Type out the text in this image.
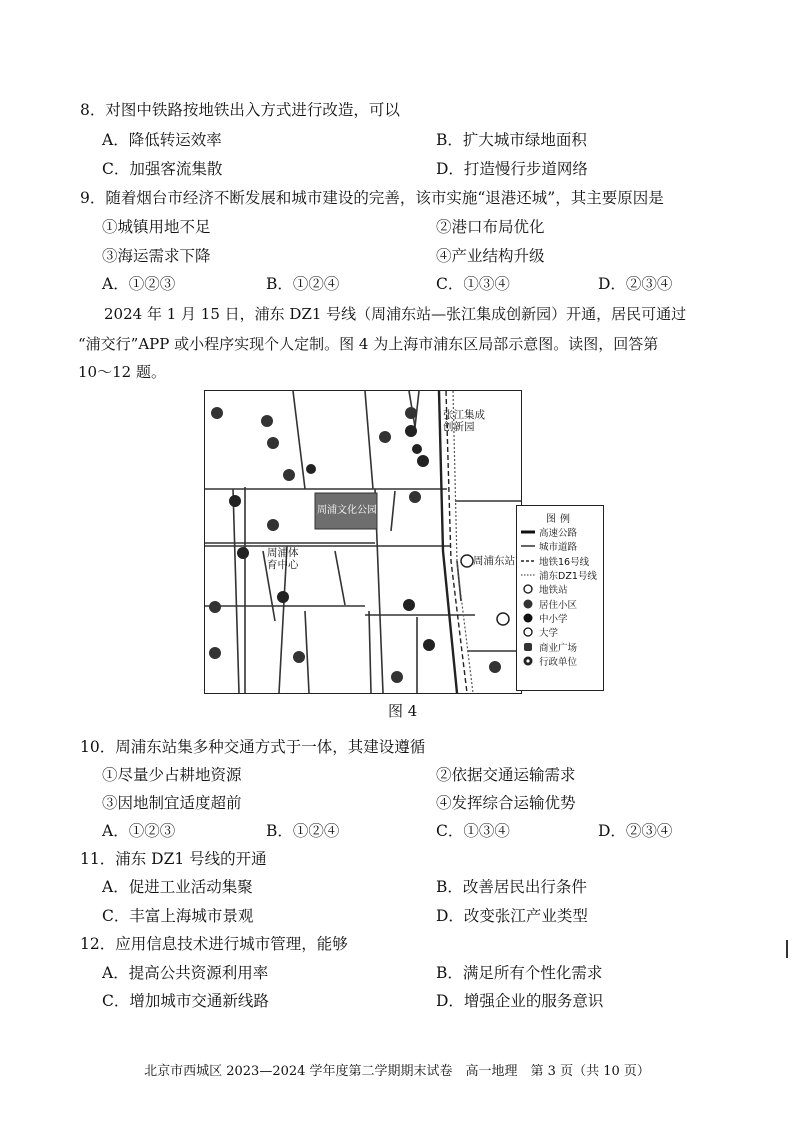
8．对图中铁路按地铁出入方式进行改造，可以
A．降低转运效率	B．扩大城市绿地面积
C．加强客流集散	D．打造慢行步道网络
9．随着烟台市经济不断发展和城市建设的完善，该市实施“退港还城”，其主要原因是
①城镇用地不足	②港口布局优化
③海运需求下降	④产业结构升级
A．①②③	B．①②④	C．①③④	D．②③④
2024 年 1 月 15 日，浦东 DZ1 号线（周浦东站—张江集成创新园）开通，居民可通过
“浦交行”APP 或小程序实现个人定制。图 4 为上海市浦东区局部示意图。读图，回答第
10～12 题。
张江集成
创新园
周浦文化公园
周浦体
育中心	周浦东站
图例
高速公路
城市道路
地铁16号线
浦东DZ1号线
地铁站
居住小区
中小学
大学
商业广场
行政单位
图 4
10．周浦东站集多种交通方式于一体，其建设遵循
①尽量少占耕地资源	②依据交通运输需求
③因地制宜适度超前	④发挥综合运输优势
A．①②③	B．①②④	C．①③④	D．②③④
11．浦东 DZ1 号线的开通
A．促进工业活动集聚	B．改善居民出行条件
C．丰富上海城市景观	D．改变张江产业类型
12．应用信息技术进行城市管理，能够
A．提高公共资源利用率	B．满足所有个性化需求
C．增加城市交通新线路	D．增强企业的服务意识
北京市西城区 2023—2024 学年度第二学期期末试卷　高一地理　第 3 页（共 10 页）
